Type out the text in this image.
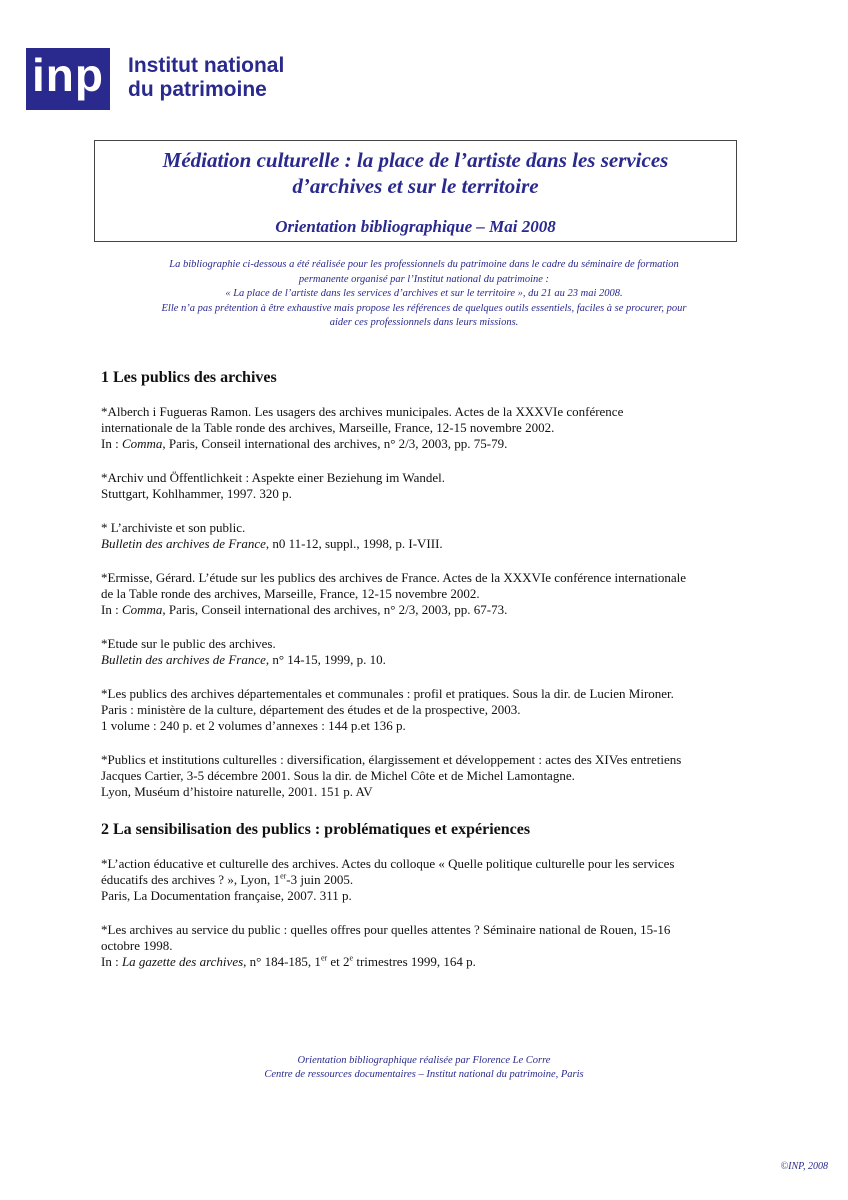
inp Institut national
du patrimoine
Médiation culturelle : la place de l’artiste dans les services
d’archives et sur le territoire
Orientation bibliographique – Mai 2008
La bibliographie ci-dessous a été réalisée pour les professionnels du patrimoine dans le cadre du séminaire de formation
permanente organisé par l’Institut national du patrimoine :
« La place de l’artiste dans les services d’archives et sur le territoire », du 21 au 23 mai 2008.
Elle n’a pas prétention à être exhaustive mais propose les références de quelques outils essentiels, faciles à se procurer, pour
aider ces professionnels dans leurs missions.
1 Les publics des archives
*Alberch i Fugueras Ramon. Les usagers des archives municipales. Actes de la XXXVIe conférence
internationale de la Table ronde des archives, Marseille, France, 12-15 novembre 2002.
In : Comma, Paris, Conseil international des archives, n° 2/3, 2003, pp. 75-79.
*Archiv und Öffentlichkeit : Aspekte einer Beziehung im Wandel.
Stuttgart, Kohlhammer, 1997. 320 p.
* L’archiviste et son public.
Bulletin des archives de France, n0 11-12, suppl., 1998, p. I-VIII.
*Ermisse, Gérard. L’étude sur les publics des archives de France. Actes de la XXXVIe conférence internationale
de la Table ronde des archives, Marseille, France, 12-15 novembre 2002.
In : Comma, Paris, Conseil international des archives, n° 2/3, 2003, pp. 67-73.
*Etude sur le public des archives.
Bulletin des archives de France, n° 14-15, 1999, p. 10.
*Les publics des archives départementales et communales : profil et pratiques. Sous la dir. de Lucien Mironer.
Paris : ministère de la culture, département des études et de la prospective, 2003.
1 volume : 240 p. et 2 volumes d’annexes : 144 p.et 136 p.
*Publics et institutions culturelles : diversification, élargissement et développement : actes des XIVes entretiens
Jacques Cartier, 3-5 décembre 2001. Sous la dir. de Michel Côte et de Michel Lamontagne.
Lyon, Muséum d’histoire naturelle, 2001. 151 p. AV
2 La sensibilisation des publics : problématiques et expériences
*L’action éducative et culturelle des archives. Actes du colloque « Quelle politique culturelle pour les services
éducatifs des archives ? », Lyon, 1er-3 juin 2005.
Paris, La Documentation française, 2007. 311 p.
*Les archives au service du public : quelles offres pour quelles attentes ? Séminaire national de Rouen, 15-16
octobre 1998.
In : La gazette des archives, n° 184-185, 1er et 2e trimestres 1999, 164 p.
Orientation bibliographique réalisée par Florence Le Corre
Centre de ressources documentaires – Institut national du patrimoine, Paris
©INP, 2008
